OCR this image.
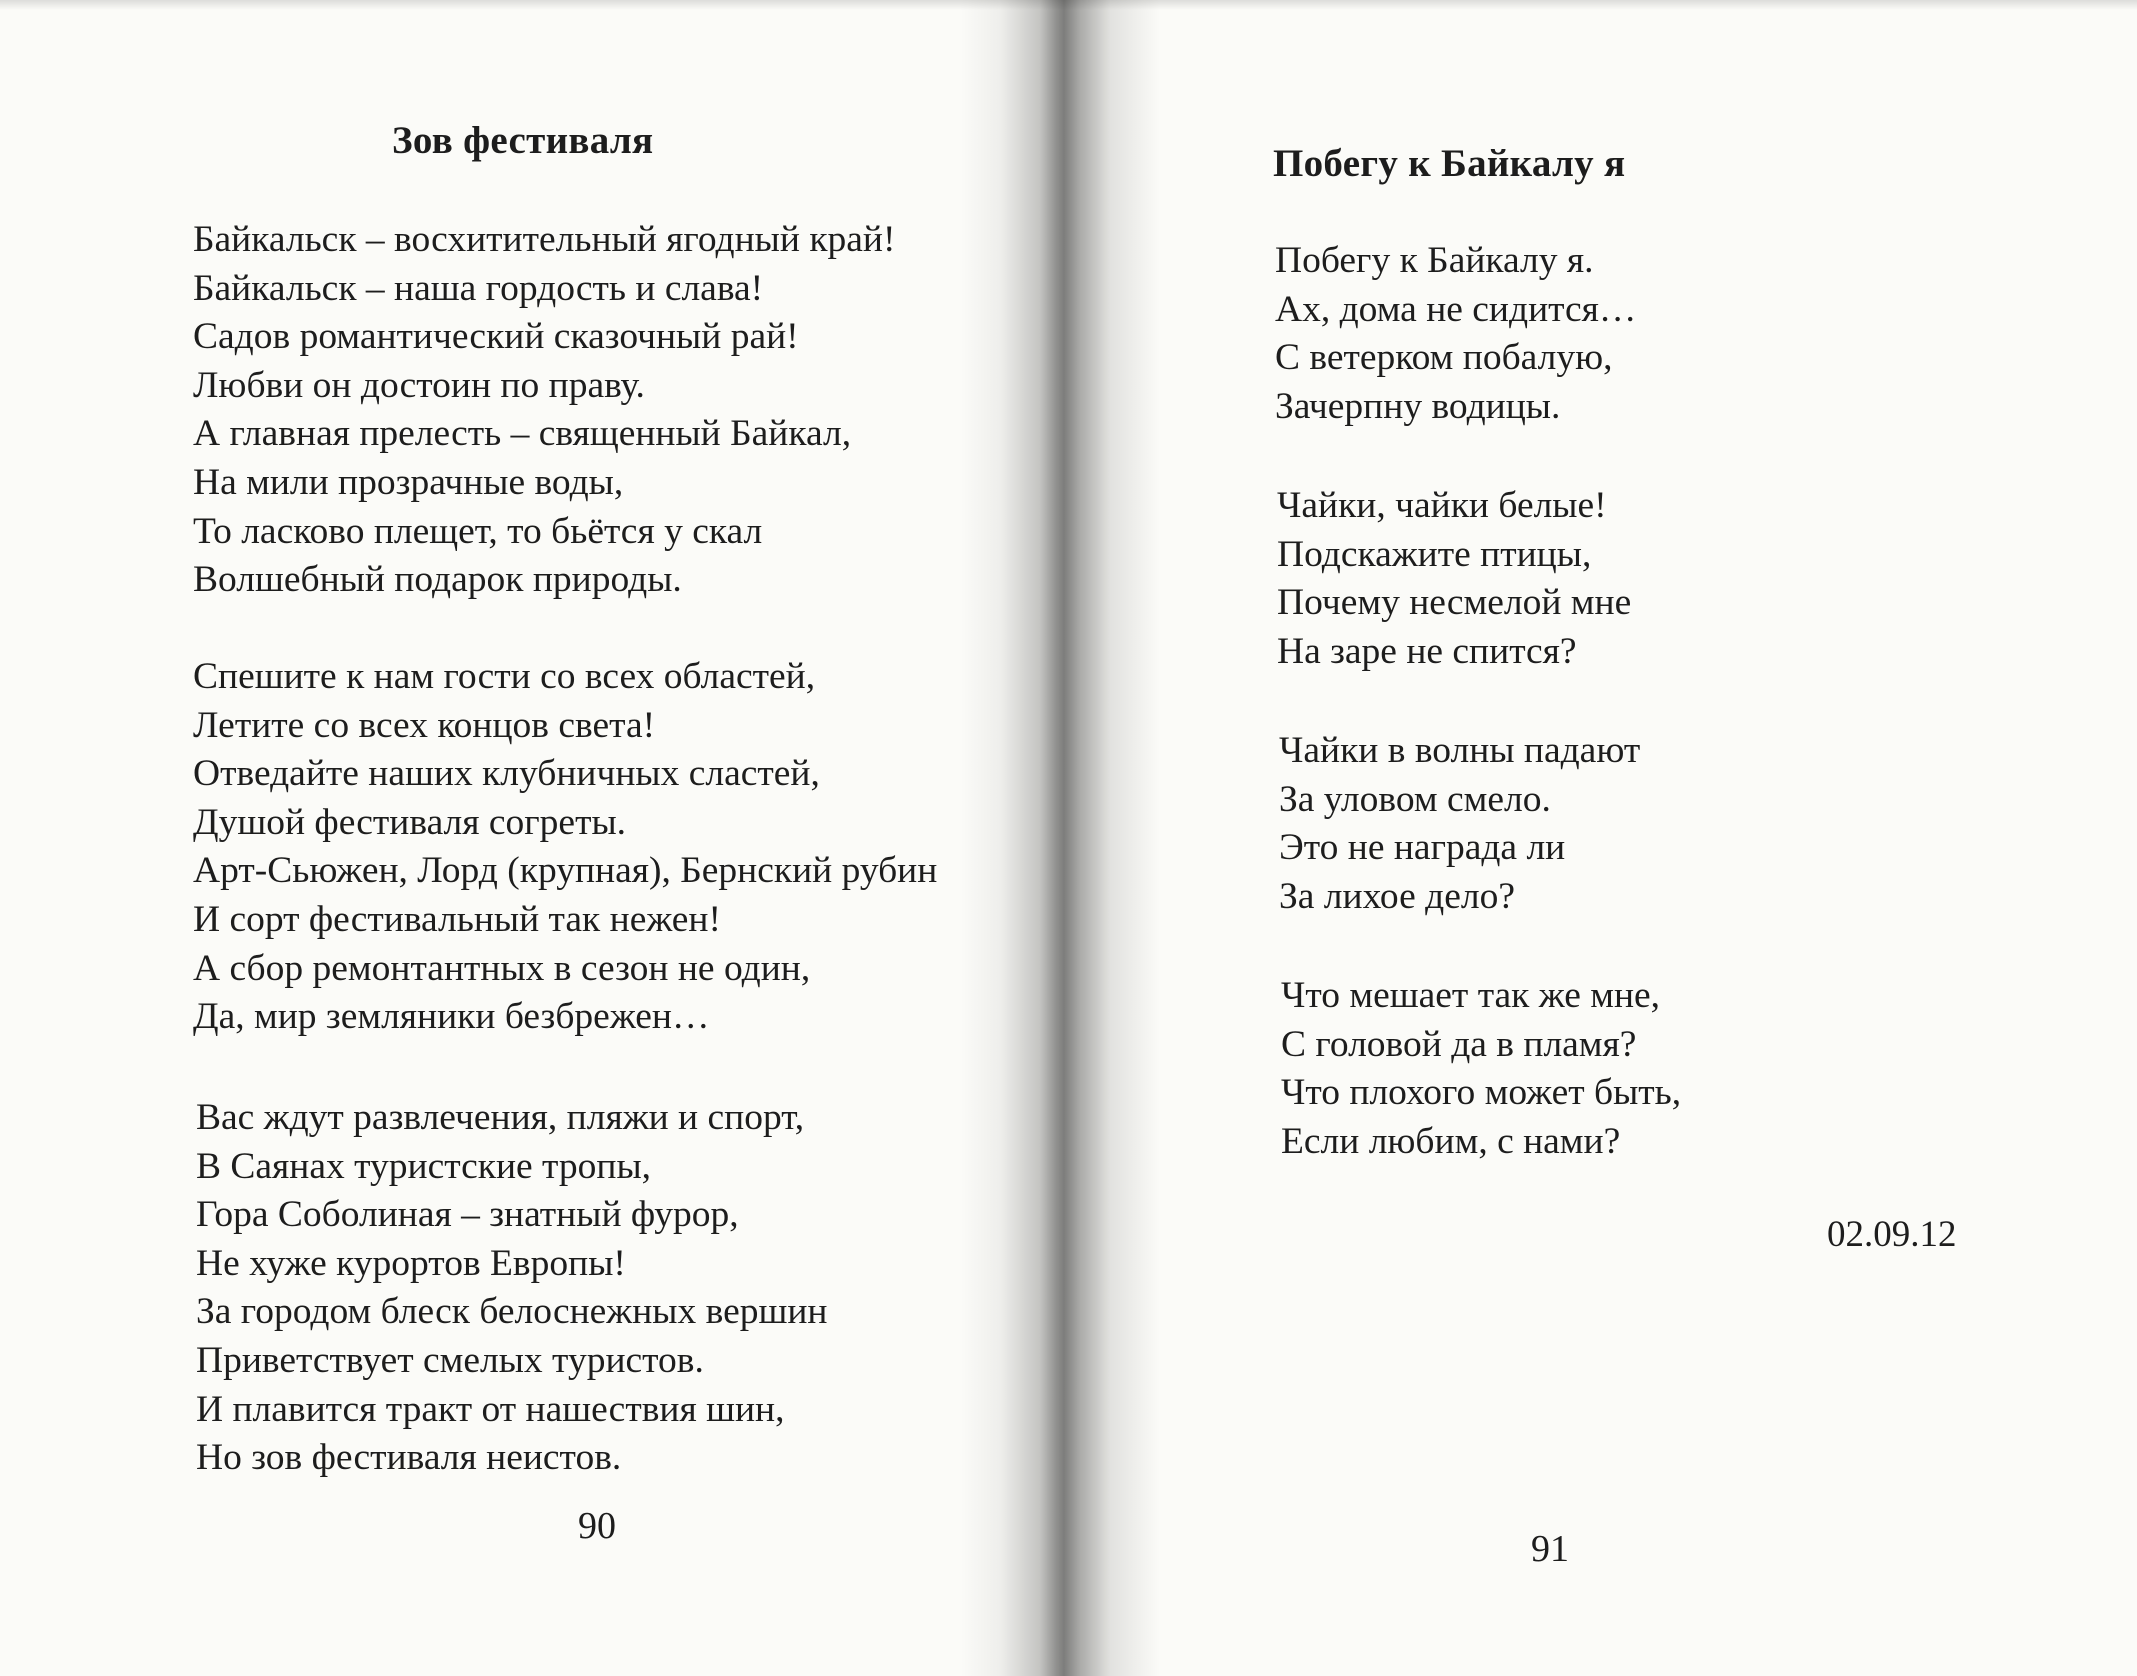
Зов фестиваля
Байкальск – восхитительный ягодный край!
Байкальск – наша гордость и слава!
Садов романтический сказочный рай!
Любви он достоин по праву.
А главная прелесть – священный Байкал,
На мили прозрачные воды,
То ласково плещет, то бьётся у скал
Волшебный подарок природы.
Спешите к нам гости со всех областей,
Летите со всех концов света!
Отведайте наших клубничных сластей,
Душой фестиваля согреты.
Арт-Сьюжен, Лорд (крупная), Бернский рубин
И сорт фестивальный так нежен!
А сбор ремонтантных в сезон не один,
Да, мир земляники безбрежен…
Вас ждут развлечения, пляжи и спорт,
В Саянах туристские тропы,
Гора Соболиная – знатный фурор,
Не хуже курортов Европы!
За городом блеск белоснежных вершин
Приветствует смелых туристов.
И плавится тракт от нашествия шин,
Но зов фестиваля неистов.
90
Побегу к Байкалу я
Побегу к Байкалу я.
Ах, дома не сидится…
С ветерком побалую,
Зачерпну водицы.
Чайки, чайки белые!
Подскажите птицы,
Почему несмелой мне
На заре не спится?
Чайки в волны падают
За уловом смело.
Это не награда ли
За лихое дело?
Что мешает так же мне,
С головой да в пламя?
Что плохого может быть,
Если любим, с нами?
02.09.12
91
